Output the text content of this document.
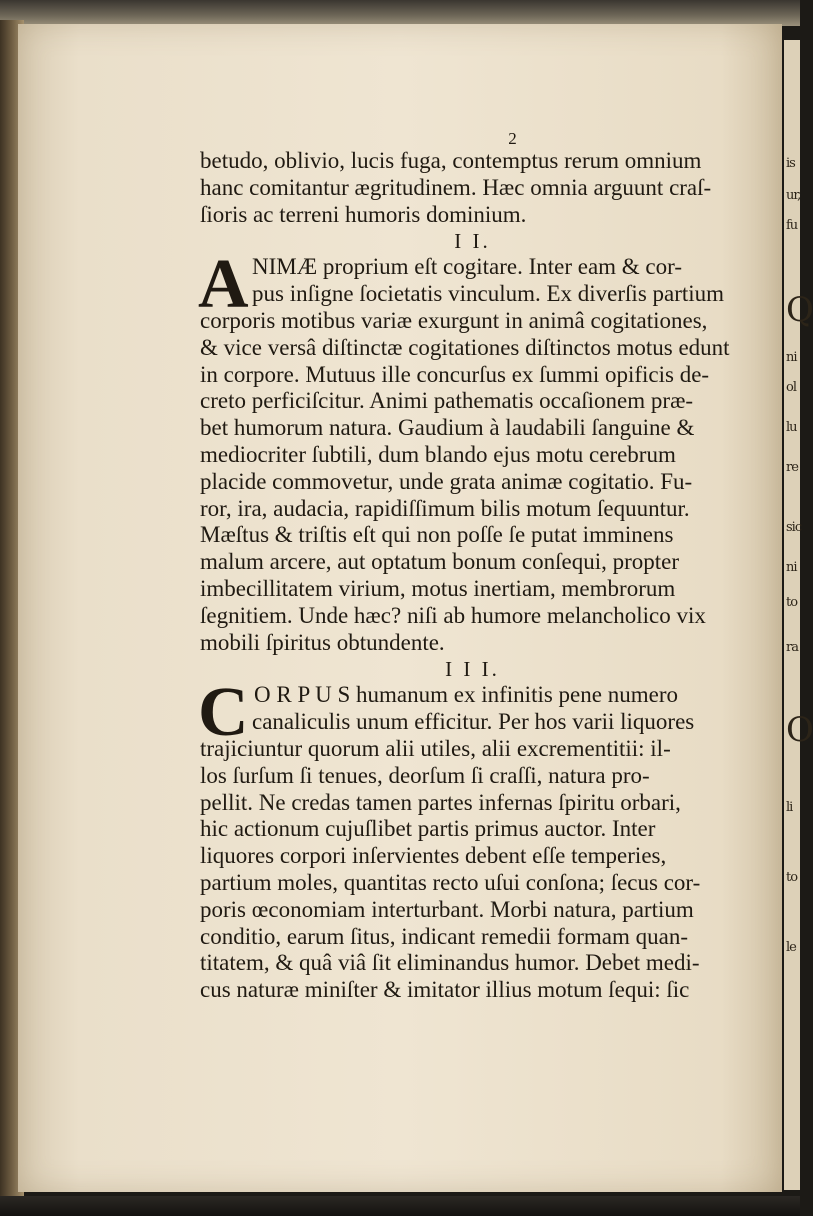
is
ur,
fu
Q
ni
ol
lu
re
sic
ni
to
ra
O
li
to
le
2
betudo, oblivio, lucis fuga, contemptus rerum omnium
hanc comitantur ægritudinem. Hæc omnia arguunt craſ-
ſioris ac terreni humoris dominium.
I I.
A NIMÆ proprium eſt cogitare. Inter eam & cor-
pus inſigne ſocietatis vinculum. Ex diverſis partium
corporis motibus variæ exurgunt in animâ cogitationes,
& vice versâ diſtinctæ cogitationes diſtinctos motus edunt
in corpore. Mutuus ille concurſus ex ſummi opificis de-
creto perficiſcitur. Animi pathematis occaſionem præ-
bet humorum natura. Gaudium à laudabili ſanguine &
mediocriter ſubtili, dum blando ejus motu cerebrum
placide commovetur, unde grata animæ cogitatio. Fu-
ror, ira, audacia, rapidiſſimum bilis motum ſequuntur.
Mæſtus & triſtis eſt qui non poſſe ſe putat imminens
malum arcere, aut optatum bonum conſequi, propter
imbecillitatem virium, motus inertiam, membrorum
ſegnitiem. Unde hæc? niſi ab humore melancholico vix
mobili ſpiritus obtundente.
I I I.
C O R P U S humanum ex infinitis pene numero
canaliculis unum efficitur. Per hos varii liquores
trajiciuntur quorum alii utiles, alii excrementitii: il-
los ſurſum ſi tenues, deorſum ſi craſſi, natura pro-
pellit. Ne credas tamen partes infernas ſpiritu orbari,
hic actionum cujuſlibet partis primus auctor. Inter
liquores corpori inſervientes debent eſſe temperies,
partium moles, quantitas recto uſui conſona; ſecus cor-
poris œconomiam interturbant. Morbi natura, partium
conditio, earum ſitus, indicant remedii formam quan-
titatem, & quâ viâ ſit eliminandus humor. Debet medi-
cus naturæ miniſter & imitator illius motum ſequi: ſic
